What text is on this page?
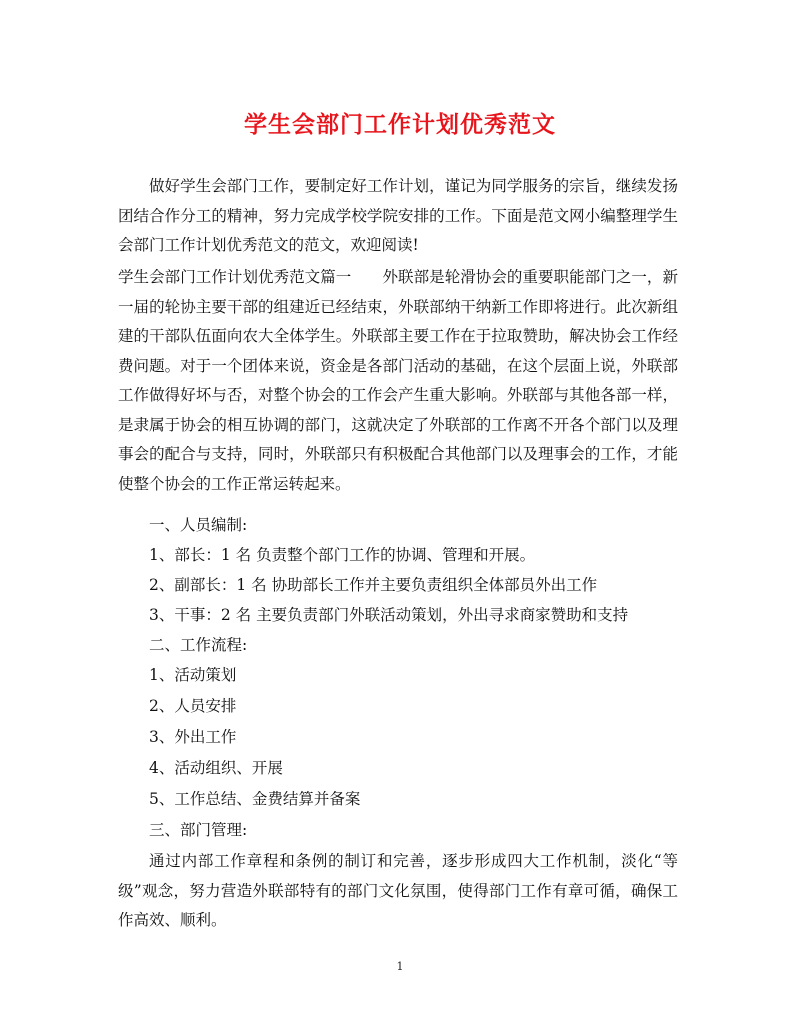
学生会部门工作计划优秀范文

做好学生会部门工作，要制定好工作计划，谨记为同学服务的宗旨，继续发扬团结合作分工的精神，努力完成学校学院安排的工作。下面是范文网小编整理学生会部门工作计划优秀范文的范文，欢迎阅读!

学生会部门工作计划优秀范文篇一　　外联部是轮滑协会的重要职能部门之一，新一届的轮协主要干部的组建近已经结束，外联部纳干纳新工作即将进行。此次新组建的干部队伍面向农大全体学生。外联部主要工作在于拉取赞助，解决协会工作经费问题。对于一个团体来说，资金是各部门活动的基础，在这个层面上说，外联部工作做得好坏与否，对整个协会的工作会产生重大影响。外联部与其他各部一样，是隶属于协会的相互协调的部门，这就决定了外联部的工作离不开各个部门以及理事会的配合与支持，同时，外联部只有积极配合其他部门以及理事会的工作，才能使整个协会的工作正常运转起来。

一、人员编制:

1、部长：1 名 负责整个部门工作的协调、管理和开展。

2、副部长：1 名 协助部长工作并主要负责组织全体部员外出工作

3、干事：2 名 主要负责部门外联活动策划，外出寻求商家赞助和支持

二、工作流程:

1、活动策划

2、人员安排

3、外出工作

4、活动组织、开展

5、工作总结、金费结算并备案

三、部门管理:

通过内部工作章程和条例的制订和完善，逐步形成四大工作机制，淡化“等级”观念，努力营造外联部特有的部门文化氛围，使得部门工作有章可循，确保工作高效、顺利。

1
